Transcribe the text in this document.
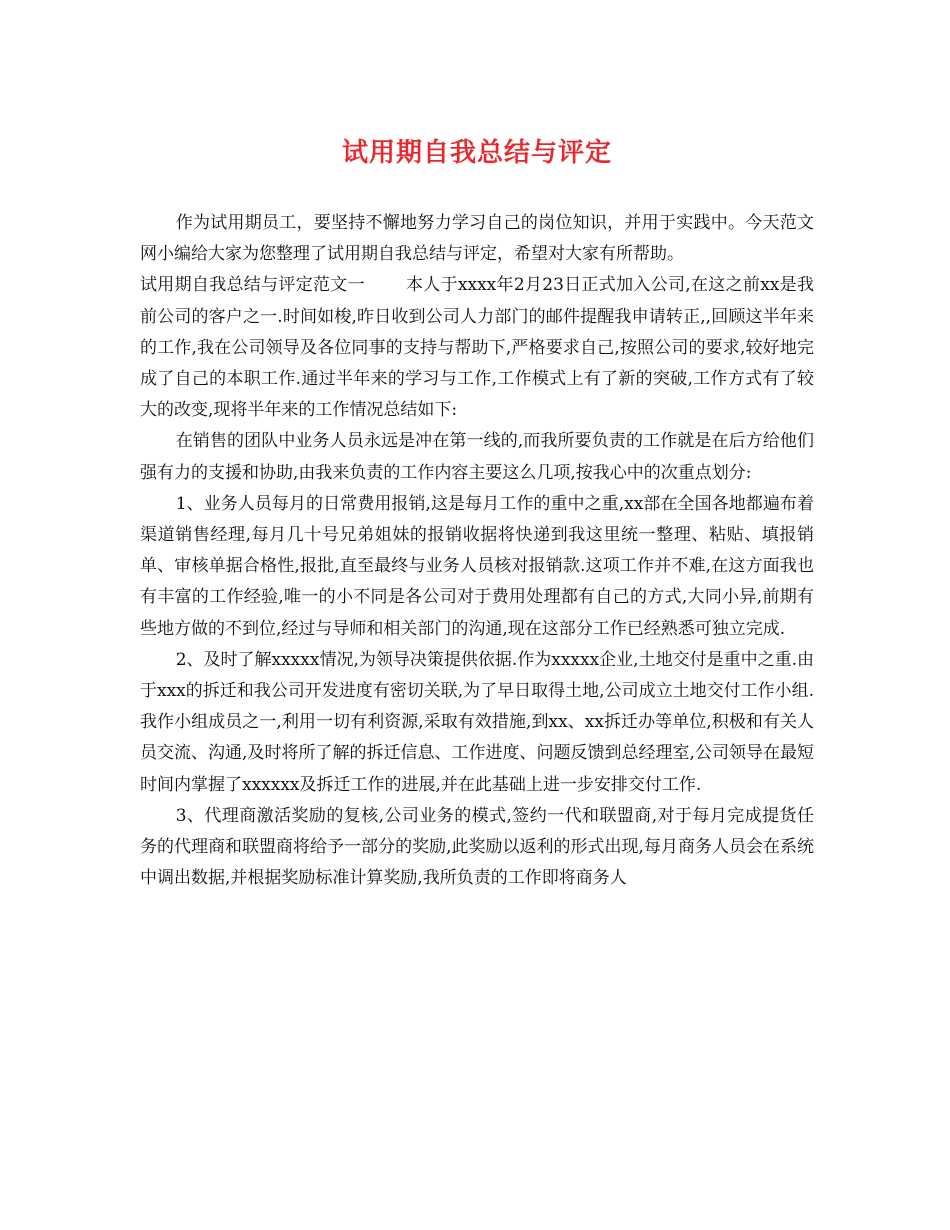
试用期自我总结与评定

作为试用期员工，要坚持不懈地努力学习自己的岗位知识，并用于实践中。今天范文网小编给大家为您整理了试用期自我总结与评定，希望对大家有所帮助。

试用期自我总结与评定范文一 本人于xxxx年2月23日正式加入公司,在这之前xx是我前公司的客户之一.时间如梭,昨日收到公司人力部门的邮件提醒我申请转正,,回顾这半年来的工作,我在公司领导及各位同事的支持与帮助下,严格要求自己,按照公司的要求,较好地完成了自己的本职工作.通过半年来的学习与工作,工作模式上有了新的突破,工作方式有了较大的改变,现将半年来的工作情况总结如下:

在销售的团队中业务人员永远是冲在第一线的,而我所要负责的工作就是在后方给他们强有力的支援和协助,由我来负责的工作内容主要这么几项,按我心中的次重点划分:

1、业务人员每月的日常费用报销,这是每月工作的重中之重,xx部在全国各地都遍布着渠道销售经理,每月几十号兄弟姐妹的报销收据将快递到我这里统一整理、粘贴、填报销单、审核单据合格性,报批,直至最终与业务人员核对报销款.这项工作并不难,在这方面我也有丰富的工作经验,唯一的小不同是各公司对于费用处理都有自己的方式,大同小异,前期有些地方做的不到位,经过与导师和相关部门的沟通,现在这部分工作已经熟悉可独立完成.

2、及时了解xxxxx情况,为领导决策提供依据.作为xxxxx企业,土地交付是重中之重.由于xxx的拆迁和我公司开发进度有密切关联,为了早日取得土地,公司成立土地交付工作小组.我作小组成员之一,利用一切有利资源,采取有效措施,到xx、xx拆迁办等单位,积极和有关人员交流、沟通,及时将所了解的拆迁信息、工作进度、问题反馈到总经理室,公司领导在最短时间内掌握了xxxxxx及拆迁工作的进展,并在此基础上进一步安排交付工作.

3、代理商激活奖励的复核,公司业务的模式,签约一代和联盟商,对于每月完成提货任务的代理商和联盟商将给予一部分的奖励,此奖励以返利的形式出现,每月商务人员会在系统中调出数据,并根据奖励标准计算奖励,我所负责的工作即将商务人
